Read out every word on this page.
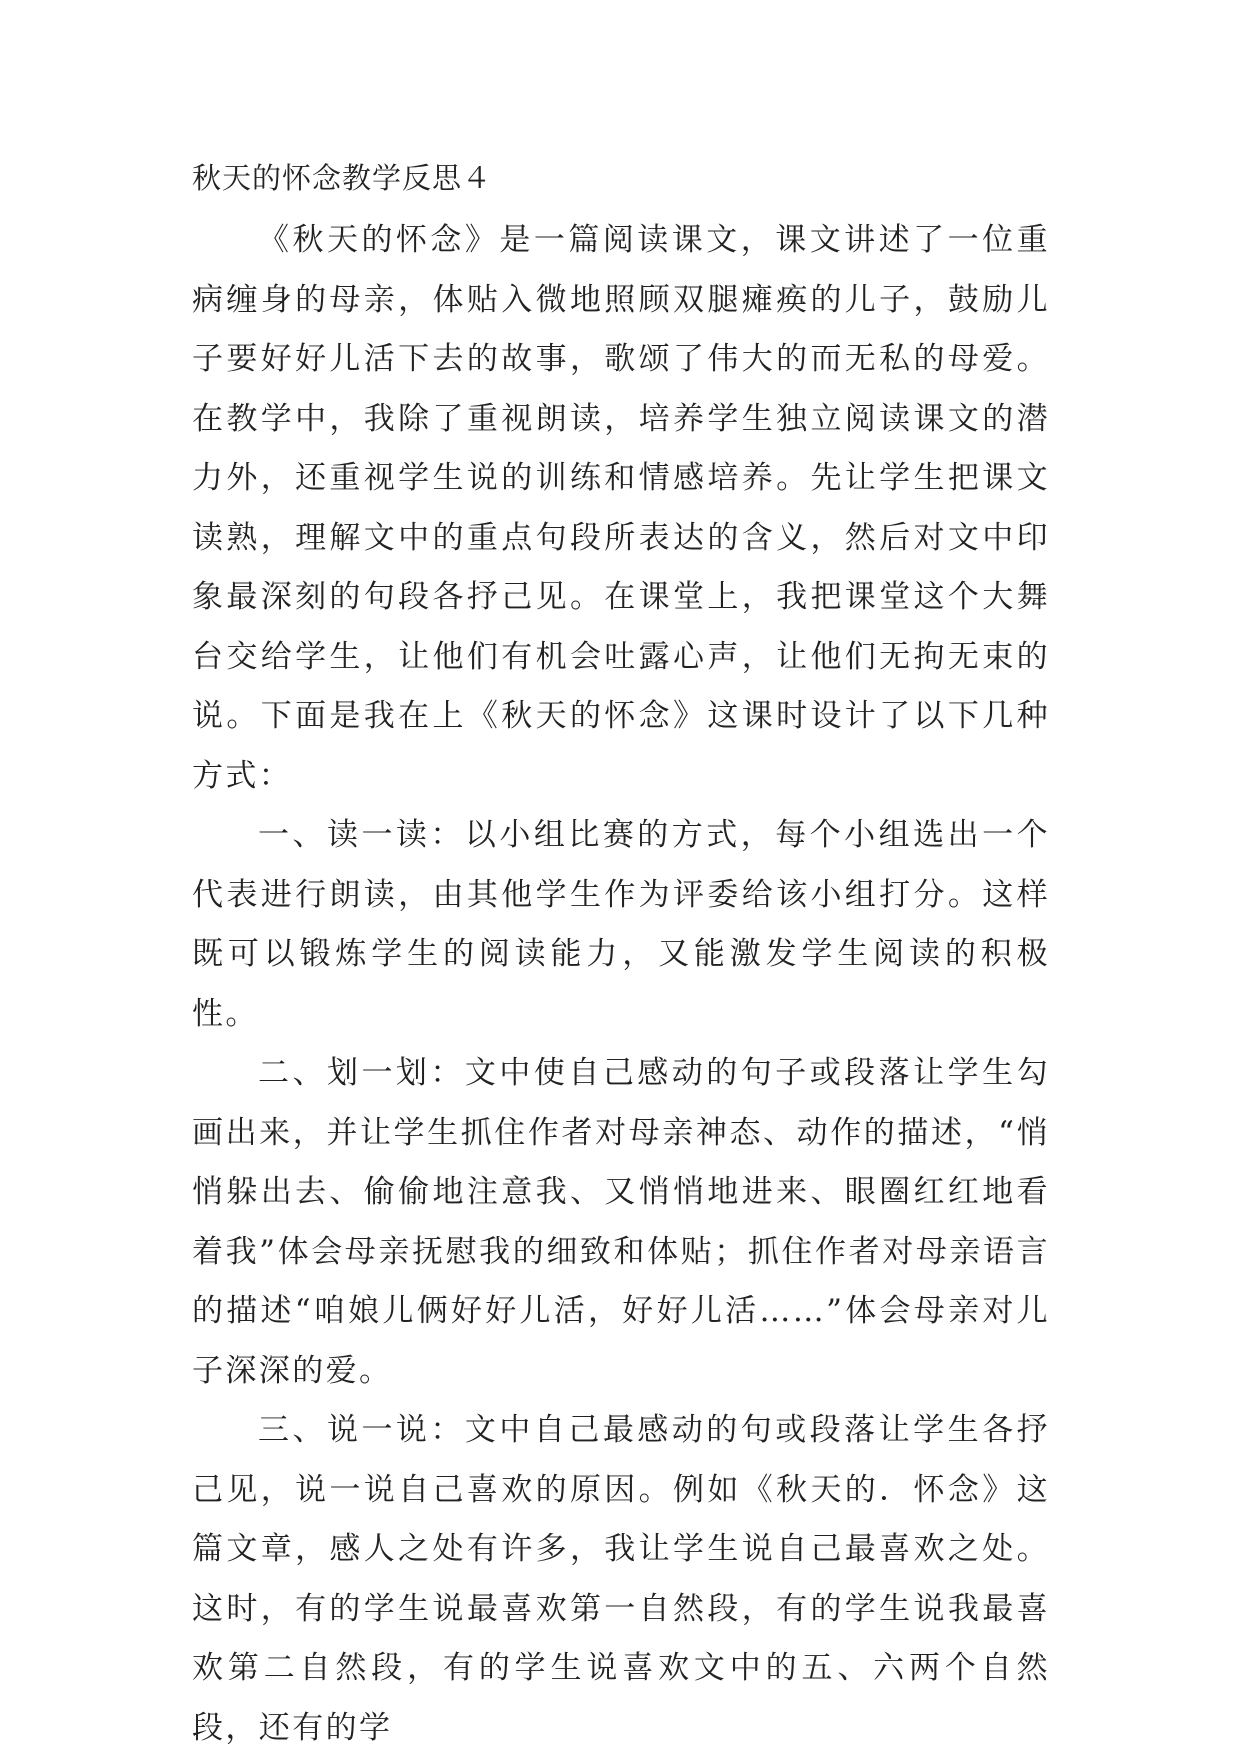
秋天的怀念教学反思４

《秋天的怀念》是一篇阅读课文，课文讲述了一位重病缠身的母亲，体贴入微地照顾双腿瘫痪的儿子，鼓励儿子要好好儿活下去的故事，歌颂了伟大的而无私的母爱。在教学中，我除了重视朗读，培养学生独立阅读课文的潜力外，还重视学生说的训练和情感培养。先让学生把课文读熟，理解文中的重点句段所表达的含义，然后对文中印象最深刻的句段各抒己见。在课堂上，我把课堂这个大舞台交给学生，让他们有机会吐露心声，让他们无拘无束的说。下面是我在上《秋天的怀念》这课时设计了以下几种方式：

一、读一读：以小组比赛的方式，每个小组选出一个代表进行朗读，由其他学生作为评委给该小组打分。这样既可以锻炼学生的阅读能力，又能激发学生阅读的积极性。

二、划一划：文中使自己感动的句子或段落让学生勾画出来，并让学生抓住作者对母亲神态、动作的描述，“悄悄躲出去、偷偷地注意我、又悄悄地进来、眼圈红红地看着我”体会母亲抚慰我的细致和体贴；抓住作者对母亲语言的描述“咱娘儿俩好好儿活，好好儿活……”体会母亲对儿子深深的爱。

三、说一说：文中自己最感动的句或段落让学生各抒己见，说一说自己喜欢的原因。例如《秋天的．怀念》这篇文章，感人之处有许多，我让学生说自己最喜欢之处。这时，有的学生说最喜欢第一自然段，有的学生说我最喜欢第二自然段，有的学生说喜欢文中的五、六两个自然段，还有的学
